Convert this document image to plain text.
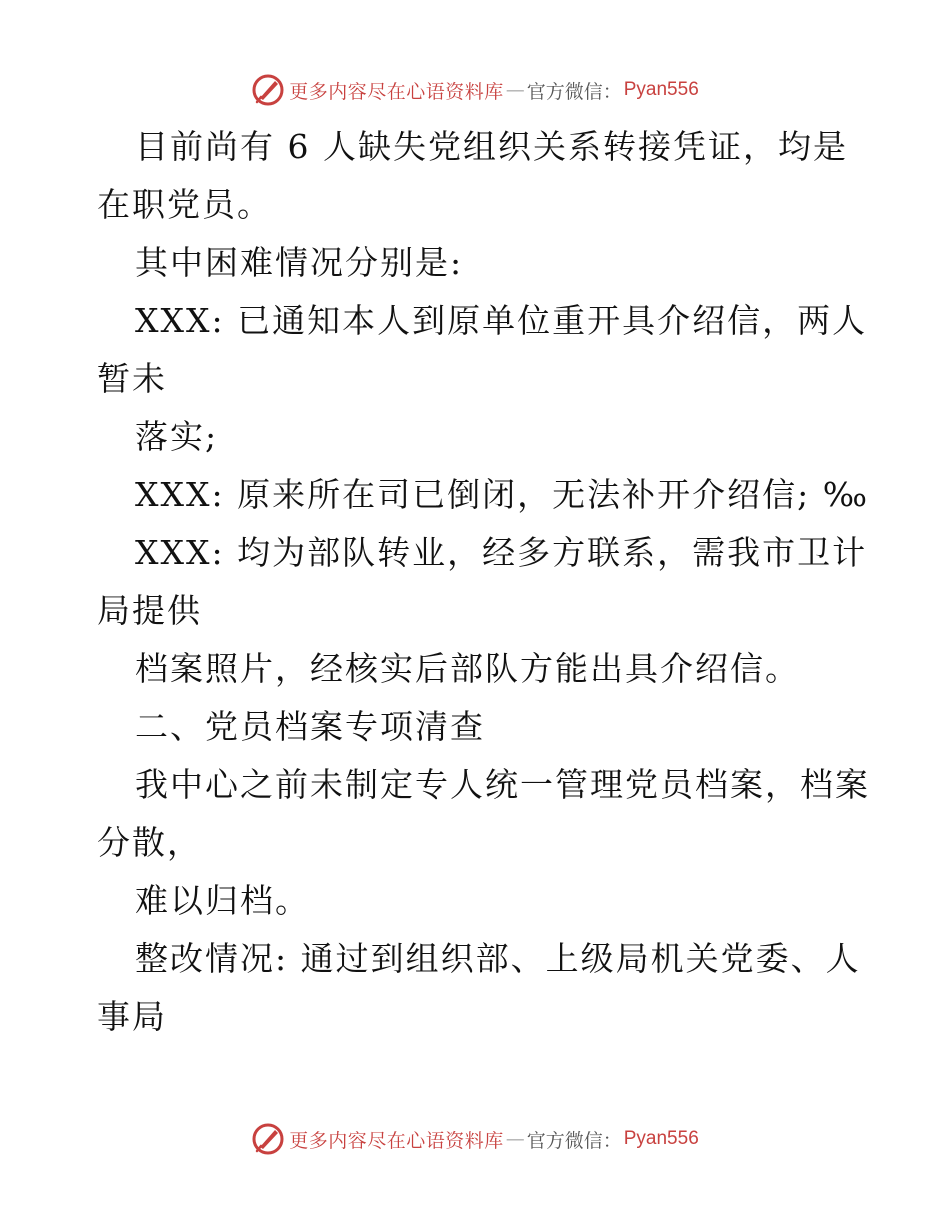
更多内容尽在心语资料库 — 官方微信： Pyan556
目前尚有 6 人缺失党组织关系转接凭证，均是
在职党员。
其中困难情况分别是:
XXX: 已通知本人到原单位重开具介绍信，两人
暂未
落实;
XXX: 原来所在司已倒闭，无法补开介绍信; ‰
XXX: 均为部队转业，经多方联系，需我市卫计
局提供
档案照片，经核实后部队方能出具介绍信。
二、党员档案专项清查
我中心之前未制定专人统一管理党员档案，档案
分散，
难以归档。
整改情况: 通过到组织部、上级局机关党委、人
事局
更多内容尽在心语资料库 — 官方微信： Pyan556
